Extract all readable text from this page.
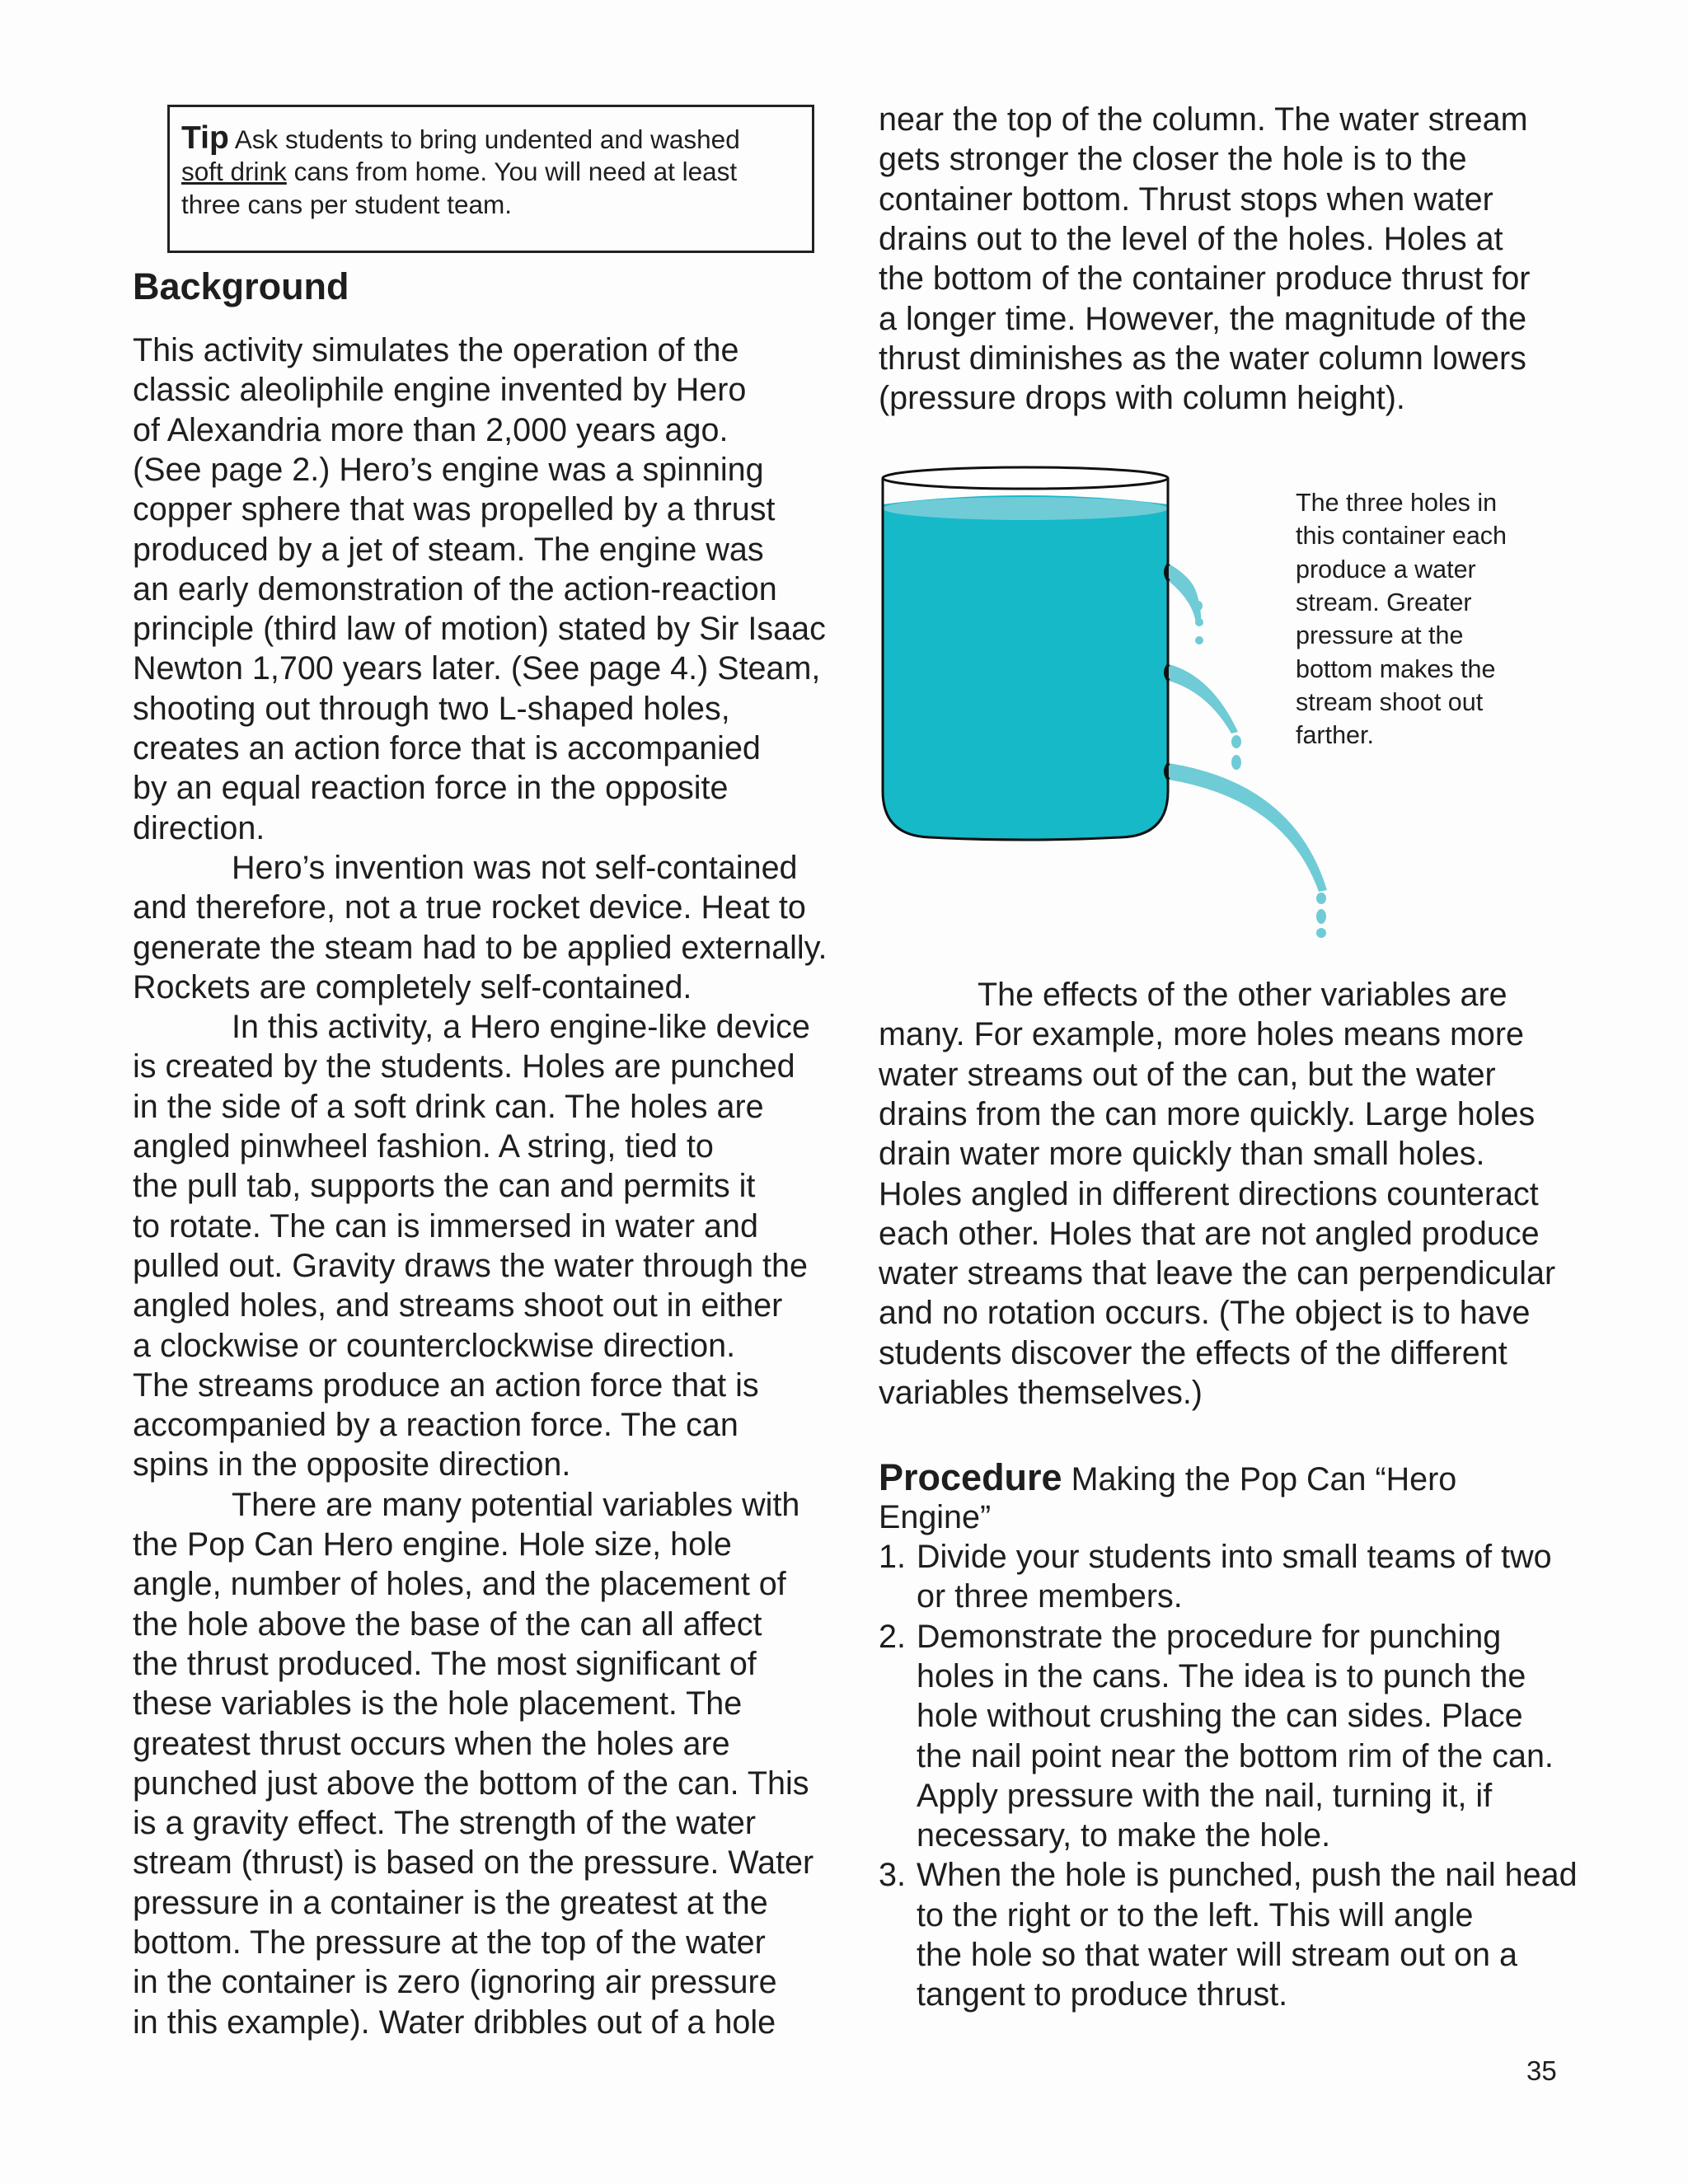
Tip Ask students to bring undented and washed
soft drink cans from home. You will need at least
three cans per student team.
Background
This activity simulates the operation of the
classic aleoliphile engine invented by Hero
of Alexandria more than 2,000 years ago.
(See page 2.) Hero’s engine was a spinning
copper sphere that was propelled by a thrust
produced by a jet of steam. The engine was
an early demonstration of the action-reaction
principle (third law of motion) stated by Sir Isaac
Newton 1,700 years later. (See page 4.) Steam,
shooting out through two L-shaped holes,
creates an action force that is accompanied
by an equal reaction force in the opposite
direction.
Hero’s invention was not self-contained
and therefore, not a true rocket device. Heat to
generate the steam had to be applied externally.
Rockets are completely self-contained.
In this activity, a Hero engine-like device
is created by the students. Holes are punched
in the side of a soft drink can. The holes are
angled pinwheel fashion. A string, tied to
the pull tab, supports the can and permits it
to rotate. The can is immersed in water and
pulled out. Gravity draws the water through the
angled holes, and streams shoot out in either
a clockwise or counterclockwise direction.
The streams produce an action force that is
accompanied by a reaction force. The can
spins in the opposite direction.
There are many potential variables with
the Pop Can Hero engine. Hole size, hole
angle, number of holes, and the placement of
the hole above the base of the can all affect
the thrust produced. The most significant of
these variables is the hole placement. The
greatest thrust occurs when the holes are
punched just above the bottom of the can. This
is a gravity effect. The strength of the water
stream (thrust) is based on the pressure. Water
pressure in a container is the greatest at the
bottom. The pressure at the top of the water
in the container is zero (ignoring air pressure
in this example). Water dribbles out of a hole
near the top of the column. The water stream
gets stronger the closer the hole is to the
container bottom. Thrust stops when water
drains out to the level of the holes. Holes at
the bottom of the container produce thrust for
a longer time. However, the magnitude of the
thrust diminishes as the water column lowers
(pressure drops with column height).
The three holes in
this container each
produce a water
stream. Greater
pressure at the
bottom makes the
stream shoot out
farther.
The effects of the other variables are
many. For example, more holes means more
water streams out of the can, but the water
drains from the can more quickly. Large holes
drain water more quickly than small holes.
Holes angled in different directions counteract
each other. Holes that are not angled produce
water streams that leave the can perpendicular
and no rotation occurs. (The object is to have
students discover the effects of the different
variables themselves.)
Procedure Making the Pop Can “Hero
Engine”
1. Divide your students into small teams of two
or three members.
2. Demonstrate the procedure for punching
holes in the cans. The idea is to punch the
hole without crushing the can sides. Place
the nail point near the bottom rim of the can.
Apply pressure with the nail, turning it, if
necessary, to make the hole.
3. When the hole is punched, push the nail head
to the right or to the left. This will angle
the hole so that water will stream out on a
tangent to produce thrust.
35
